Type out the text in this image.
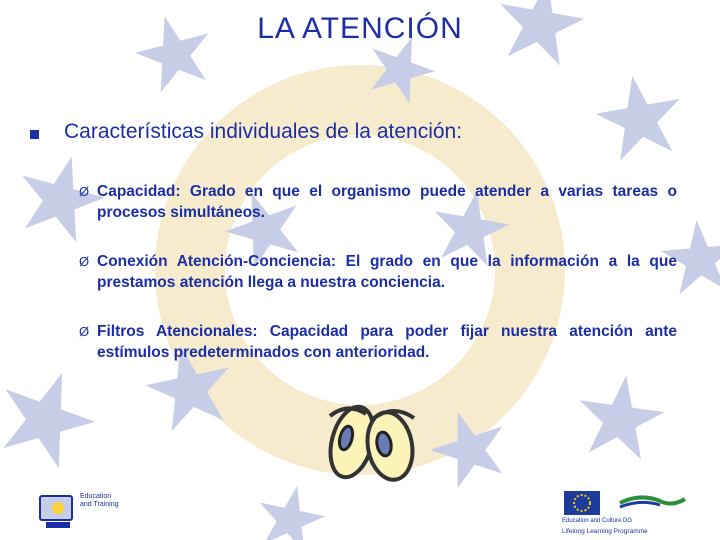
LA ATENCIÓN
Características individuales de la atención:
Ø Capacidad: Grado en que el organismo puede atender a varias tareas o procesos simultáneos.
Ø Conexión Atención-Conciencia: El grado en que la información a la que prestamos atención llega a nuestra conciencia.
Ø Filtros Atencionales: Capacidad para poder fijar nuestra atención ante estímulos predeterminados con anterioridad.
Education and Training
Education and Culture DG
Lifelong Learning Programme
